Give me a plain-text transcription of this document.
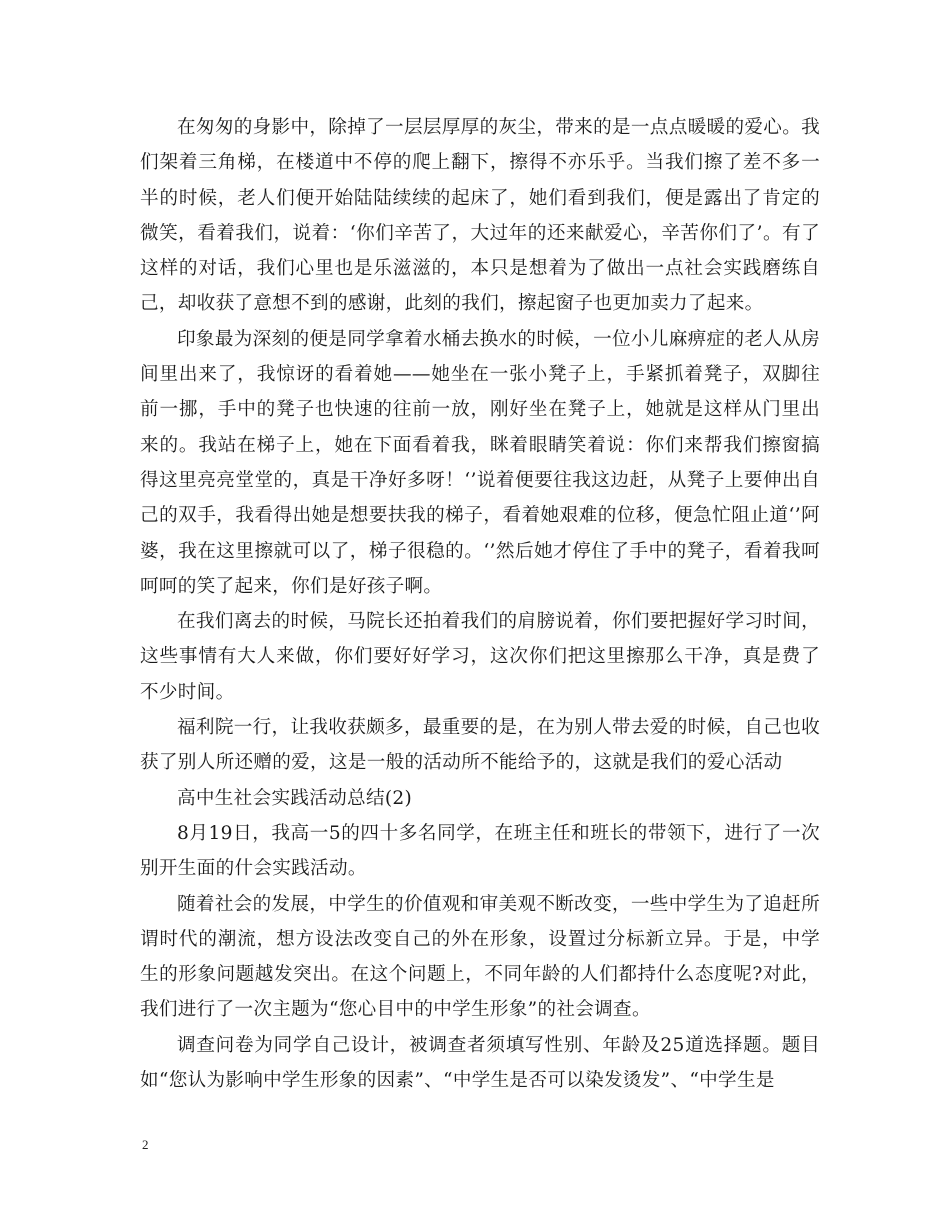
在匆匆的身影中，除掉了一层层厚厚的灰尘，带来的是一点点暖暖的爱心。我们架着三角梯，在楼道中不停的爬上翻下，擦得不亦乐乎。当我们擦了差不多一半的时候，老人们便开始陆陆续续的起床了，她们看到我们，便是露出了肯定的微笑，看着我们，说着：‘你们辛苦了，大过年的还来献爱心，辛苦你们了’。有了这样的对话，我们心里也是乐滋滋的，本只是想着为了做出一点社会实践磨练自己，却收获了意想不到的感谢，此刻的我们，擦起窗子也更加卖力了起来。

印象最为深刻的便是同学拿着水桶去换水的时候，一位小儿麻痹症的老人从房间里出来了，我惊讶的看着她——她坐在一张小凳子上，手紧抓着凳子，双脚往前一挪，手中的凳子也快速的往前一放，刚好坐在凳子上，她就是这样从门里出来的。我站在梯子上，她在下面看着我，眯着眼睛笑着说：你们来帮我们擦窗搞得这里亮亮堂堂的，真是干净好多呀！‘’说着便要往我这边赶，从凳子上要伸出自己的双手，我看得出她是想要扶我的梯子，看着她艰难的位移，便急忙阻止道‘’阿婆，我在这里擦就可以了，梯子很稳的。‘’然后她才停住了手中的凳子，看着我呵呵呵的笑了起来，你们是好孩子啊。

在我们离去的时候，马院长还拍着我们的肩膀说着，你们要把握好学习时间，这些事情有大人来做，你们要好好学习，这次你们把这里擦那么干净，真是费了不少时间。

福利院一行，让我收获颇多，最重要的是，在为别人带去爱的时候，自己也收获了别人所还赠的爱，这是一般的活动所不能给予的，这就是我们的爱心活动

高中生社会实践活动总结(2)

8月19日，我高一5的四十多名同学，在班主任和班长的带领下，进行了一次别开生面的什会实践活动。

随着社会的发展，中学生的价值观和审美观不断改变，一些中学生为了追赶所谓时代的潮流，想方设法改变自己的外在形象，设置过分标新立异。于是，中学生的形象问题越发突出。在这个问题上，不同年龄的人们都持什么态度呢?对此，我们进行了一次主题为“您心目中的中学生形象”的社会调查。

调查问卷为同学自己设计，被调查者须填写性别、年龄及25道选择题。题目如“您认为影响中学生形象的因素”、“中学生是否可以染发烫发”、“中学生是

2
